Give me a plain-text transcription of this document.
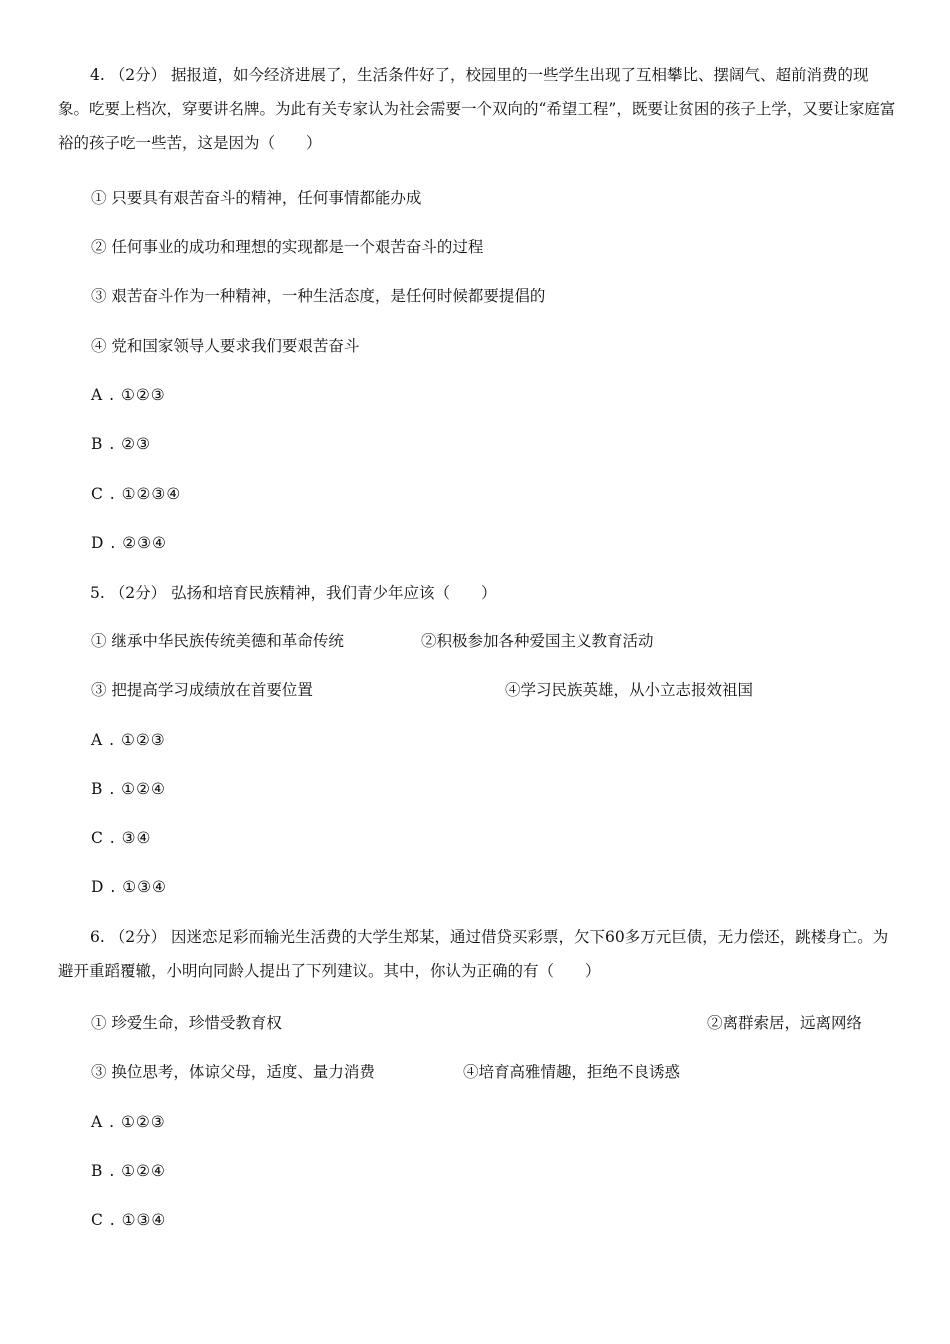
4. （2分） 据报道，如今经济进展了，生活条件好了，校园里的一些学生出现了互相攀比、摆阔气、超前消费的现象。吃要上档次，穿要讲名牌。为此有关专家认为社会需要一个双向的“希望工程”，既要让贫困的孩子上学，又要让家庭富裕的孩子吃一些苦，这是因为（　　）
① 只要具有艰苦奋斗的精神，任何事情都能办成
② 任何事业的成功和理想的实现都是一个艰苦奋斗的过程
③ 艰苦奋斗作为一种精神，一种生活态度，是任何时候都要提倡的
④ 党和国家领导人要求我们要艰苦奋斗
A . ①②③
B . ②③
C . ①②③④
D . ②③④
5. （2分） 弘扬和培育民族精神，我们青少年应该（　　）
① 继承中华民族传统美德和革命传统	②积极参加各种爱国主义教育活动
③ 把提高学习成绩放在首要位置	④学习民族英雄，从小立志报效祖国
A . ①②③
B . ①②④
C . ③④
D . ①③④
6. （2分） 因迷恋足彩而输光生活费的大学生郑某，通过借贷买彩票，欠下60多万元巨债，无力偿还，跳楼身亡。为避开重蹈覆辙，小明向同龄人提出了下列建议。其中，你认为正确的有（　　）
① 珍爱生命，珍惜受教育权	②离群索居，远离网络
③ 换位思考，体谅父母，适度、量力消费	④培育高雅情趣，拒绝不良诱惑
A . ①②③
B . ①②④
C . ①③④
